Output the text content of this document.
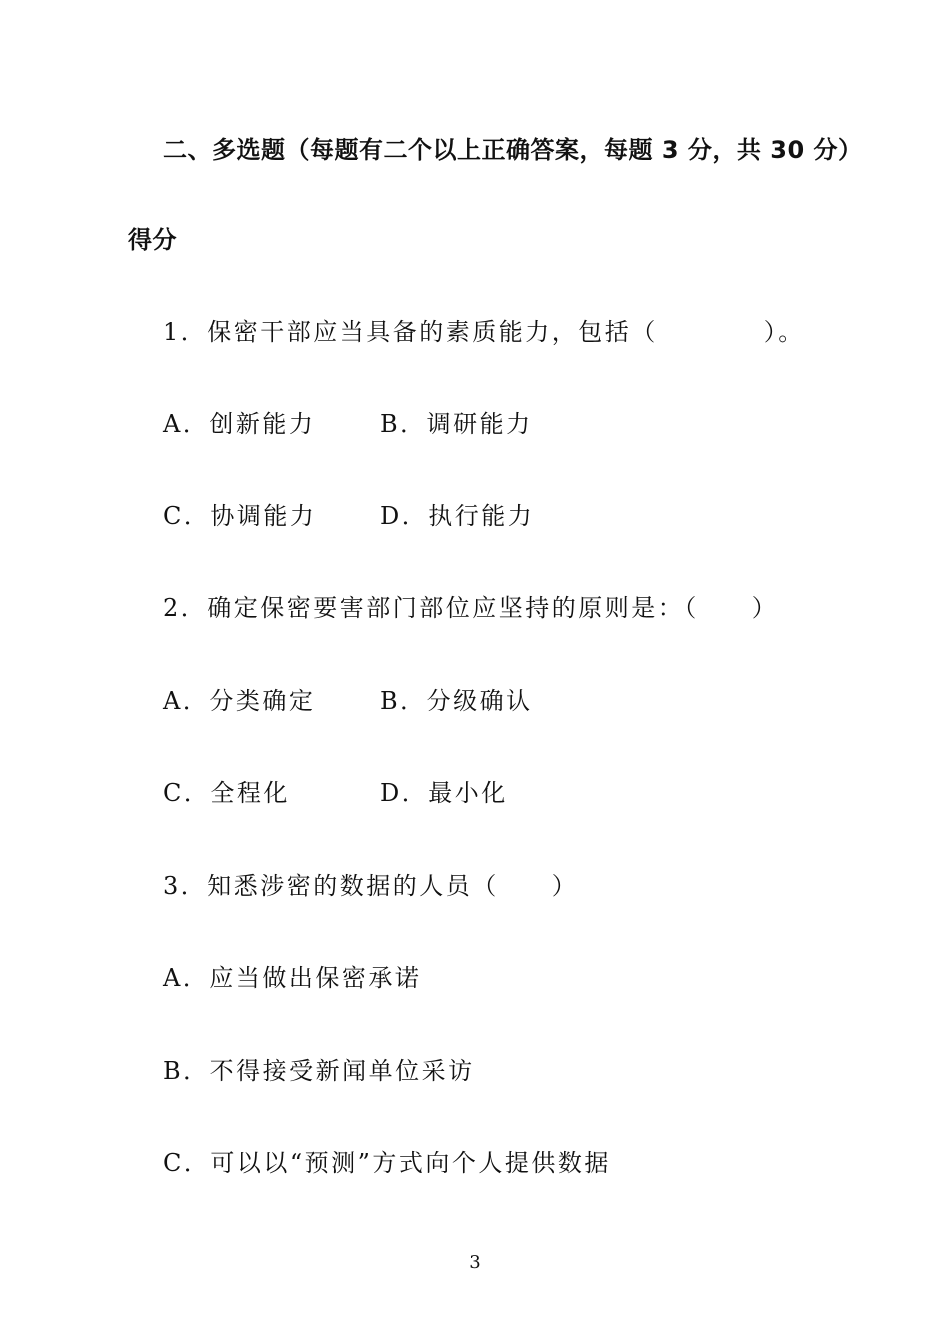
二、多选题（每题有二个以上正确答案，每题 3 分，共 30 分）
得分
1．保密干部应当具备的素质能力，包括（　　　　）。
A．创新能力	B．调研能力
C．协调能力	D．执行能力
2．确定保密要害部门部位应坚持的原则是：（　　）
A．分类确定	B．分级确认
C．全程化	D．最小化
3．知悉涉密的数据的人员（　　）
A．应当做出保密承诺
B．不得接受新闻单位采访
C．可以以“预测”方式向个人提供数据
3
